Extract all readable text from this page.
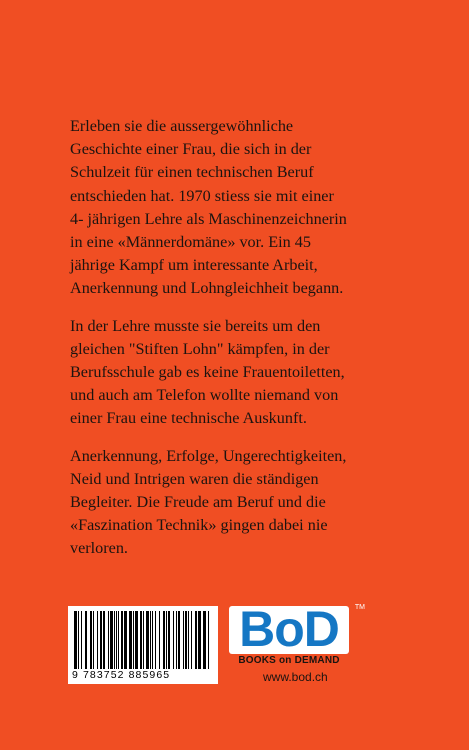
Erleben sie die aussergewöhnliche

Geschichte einer Frau, die sich in der

Schulzeit für einen technischen Beruf

entschieden hat. 1970 stiess sie mit einer

4- jährigen Lehre als Maschinenzeichnerin

in eine «Männerdomäne» vor. Ein 45

jährige Kampf um interessante Arbeit,

Anerkennung und Lohngleichheit begann.

In der Lehre musste sie bereits um den

gleichen "Stiften Lohn" kämpfen, in der

Berufsschule gab es keine Frauentoiletten,

und auch am Telefon wollte niemand von

einer Frau eine technische Auskunft.

Anerkennung, Erfolge, Ungerechtigkeiten,

Neid und Intrigen waren die ständigen

Begleiter. Die Freude am Beruf und die

«Faszination Technik» gingen dabei nie

verloren.

9 783752 885965
BoD	TM
BOOKS on DEMAND
www.bod.ch
